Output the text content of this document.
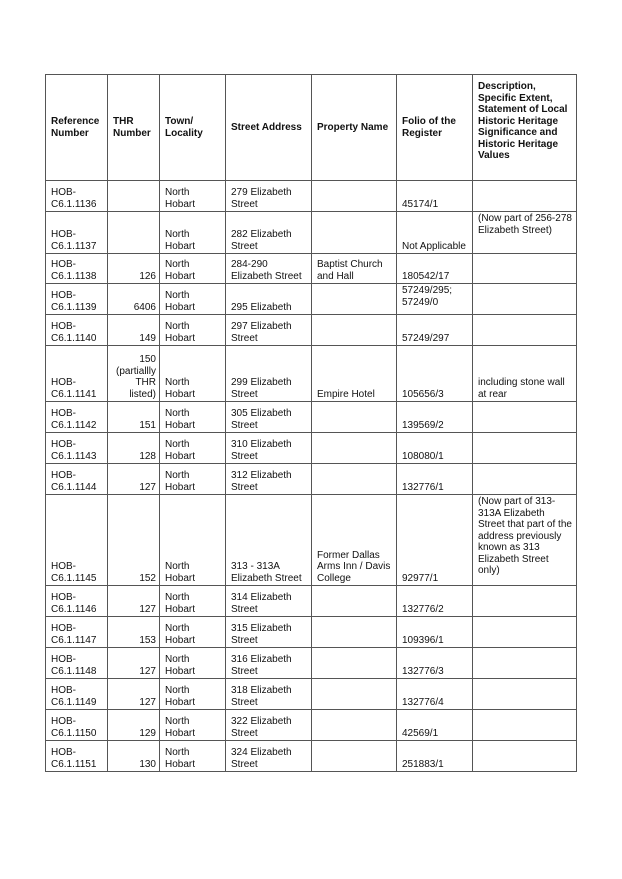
Reference Number	THR Number	Town/ Locality	Street Address	Property Name	Folio of the Register	Description, Specific Extent, Statement of Local Historic Heritage Significance and Historic Heritage Values
HOB-C6.1.1136		North Hobart	279 Elizabeth Street		45174/1	
HOB-C6.1.1137		North Hobart	282 Elizabeth Street		Not Applicable	(Now part of 256-278 Elizabeth Street)
HOB-C6.1.1138	126	North Hobart	284-290 Elizabeth Street	Baptist Church and Hall	180542/17	
HOB-C6.1.1139	6406	North Hobart	295 Elizabeth		57249/295; 57249/0	
HOB-C6.1.1140	149	North Hobart	297 Elizabeth Street		57249/297	
HOB-C6.1.1141	150 (partiallly THR listed)	North Hobart	299 Elizabeth Street	Empire Hotel	105656/3	including stone wall at rear
HOB-C6.1.1142	151	North Hobart	305 Elizabeth Street		139569/2	
HOB-C6.1.1143	128	North Hobart	310 Elizabeth Street		108080/1	
HOB-C6.1.1144	127	North Hobart	312 Elizabeth Street		132776/1	
HOB-C6.1.1145	152	North Hobart	313 - 313A Elizabeth Street	Former Dallas Arms Inn / Davis College	92977/1	(Now part of 313-313A Elizabeth Street that part of the address previously known as 313 Elizabeth Street only)
HOB-C6.1.1146	127	North Hobart	314 Elizabeth Street		132776/2	
HOB-C6.1.1147	153	North Hobart	315 Elizabeth Street		109396/1	
HOB-C6.1.1148	127	North Hobart	316 Elizabeth Street		132776/3	
HOB-C6.1.1149	127	North Hobart	318 Elizabeth Street		132776/4	
HOB-C6.1.1150	129	North Hobart	322 Elizabeth Street		42569/1	
HOB-C6.1.1151	130	North Hobart	324 Elizabeth Street		251883/1	
